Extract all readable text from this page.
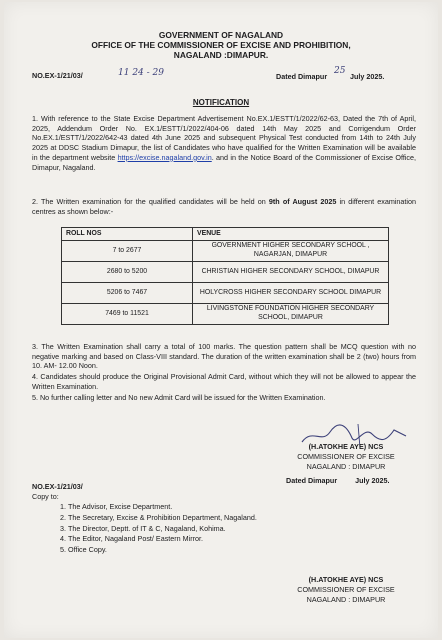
GOVERNMENT OF NAGALAND
OFFICE OF THE COMMISSIONER OF EXCISE AND PROHIBITION,
NAGALAND :DIMAPUR.
NO.EX-1/21/03/	11 24 - 29	Dated Dimapur
25
July 2025.
NOTIFICATION
1. With reference to the State Excise Department Advertisement No.EX.1/ESTT/1/2022/62-63, Dated the 7th of April, 2025, Addendum Order No. EX.1/ESTT/1/2022/404-06 dated 14th May 2025 and Corrigendum Order No.EX.1/ESTT/1/2022/642-43 dated 4th June 2025 and subsequent Physical Test conducted from 14th to 24th July 2025 at DDSC Stadium Dimapur, the list of Candidates who have qualified for the Written Examination will be available in the department website https://excise.nagaland.gov.in. and in the Notice Board of the Commissioner of Excise Office, Dimapur, Nagaland.
2. The Written examination for the qualified candidates will be held on 9th of August 2025 in different examination centres as shown below:-
ROLL NOS	VENUE
7 to 2677	GOVERNMENT HIGHER SECONDARY SCHOOL , NAGARJAN, DIMAPUR
2680 to 5200	CHRISTIAN HIGHER SECONDARY SCHOOL, DIMAPUR
5206 to 7467	HOLYCROSS HIGHER SECONDARY SCHOOL DIMAPUR
7469 to 11521	LIVINGSTONE FOUNDATION HIGHER SECONDARY SCHOOL, DIMAPUR
3. The Written Examination shall carry a total of 100 marks. The question pattern shall be MCQ question with no negative marking and based on Class-VIII standard. The duration of the written examination shall be 2 (two) hours from 10. AM- 12.00 Noon.
4. Candidates should produce the Original Provisional Admit Card, without which they will not be allowed to appear the Written Examination.
5. No further calling letter and No new Admit Card will be issued for the Written Examination.
(H.ATOKHE AYE) NCS
COMMISSIONER OF EXCISE
NAGALAND : DIMAPUR
NO.EX-1/21/03/
Dated Dimapur         July 2025.
Copy to:
1. The Advisor, Excise Department.
2. The Secretary, Excise & Prohibition Department, Nagaland.
3. The Director, Deptt. of IT & C, Nagaland, Kohima.
4. The Editor, Nagaland Post/ Eastern Mirror.
5. Office Copy.
(H.ATOKHE AYE) NCS
COMMISSIONER OF EXCISE
NAGALAND : DIMAPUR
